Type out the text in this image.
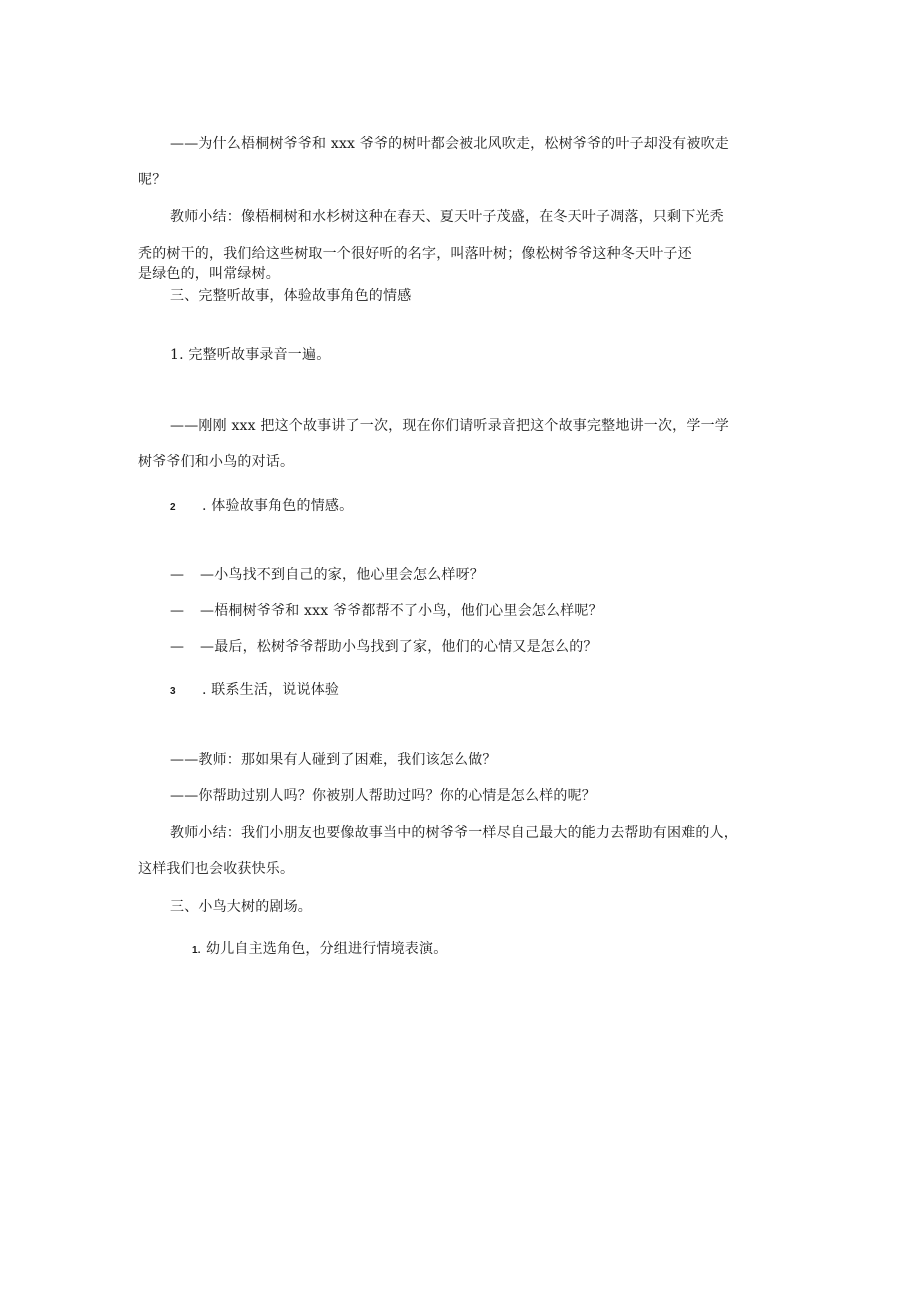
——为什么梧桐树爷爷和 xxx 爷爷的树叶都会被北风吹走，松树爷爷的叶子却没有被吹走
呢？
教师小结：像梧桐树和水杉树这种在春天、夏天叶子茂盛，在冬天叶子凋落，只剩下光秃
秃的树干的，我们给这些树取一个很好听的名字，叫落叶树；像松树爷爷这种冬天叶子还
是绿色的，叫常绿树。
三、完整听故事，体验故事角色的情感
1. 完整听故事录音一遍。
——刚刚 xxx 把这个故事讲了一次，现在你们请听录音把这个故事完整地讲一次，学一学
树爷爷们和小鸟的对话。
2 . 体验故事角色的情感。
— —小鸟找不到自己的家，他心里会怎么样呀？
— —梧桐树爷爷和 xxx 爷爷都帮不了小鸟，他们心里会怎么样呢？
— —最后，松树爷爷帮助小鸟找到了家，他们的心情又是怎么的？
3 . 联系生活，说说体验
——教师：那如果有人碰到了困难，我们该怎么做？
——你帮助过别人吗？你被别人帮助过吗？你的心情是怎么样的呢？
教师小结：我们小朋友也要像故事当中的树爷爷一样尽自己最大的能力去帮助有困难的人，
这样我们也会收获快乐。
三、小鸟大树的剧场。
1. 幼儿自主选角色，分组进行情境表演。
